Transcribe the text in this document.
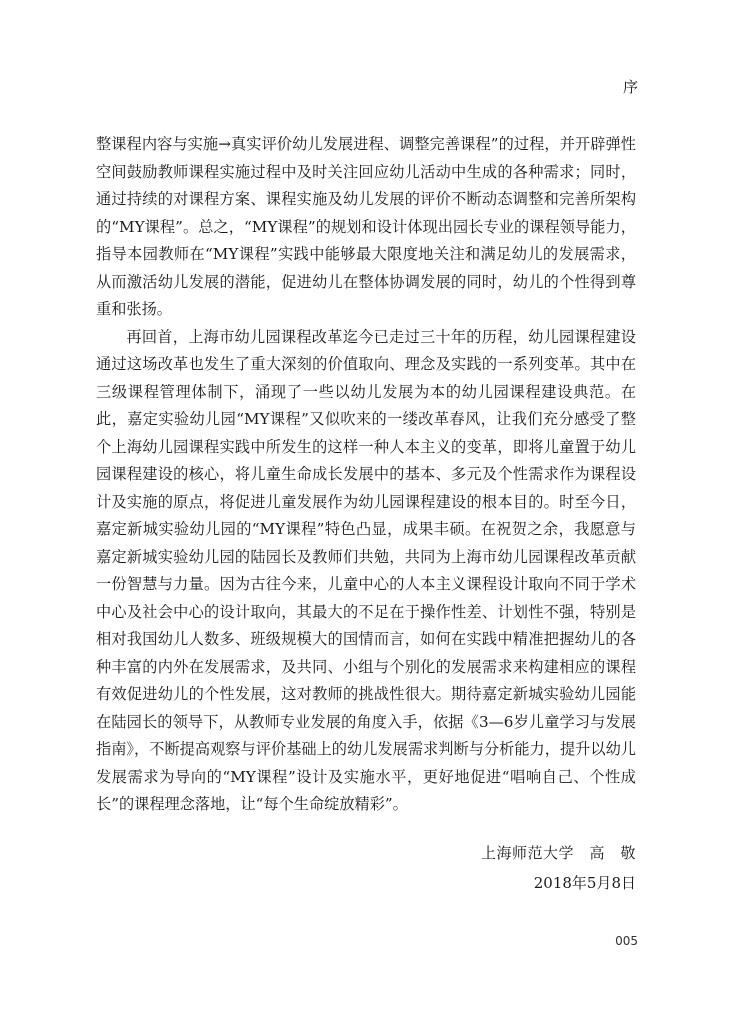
序

整课程内容与实施→真实评价幼儿发展进程、调整完善课程”的过程，并开辟弹性空间鼓励教师课程实施过程中及时关注回应幼儿活动中生成的各种需求；同时，通过持续的对课程方案、课程实施及幼儿发展的评价不断动态调整和完善所架构的“MY课程”。总之，“MY课程”的规划和设计体现出园长专业的课程领导能力，指导本园教师在“MY课程”实践中能够最大限度地关注和满足幼儿的发展需求，从而激活幼儿发展的潜能，促进幼儿在整体协调发展的同时，幼儿的个性得到尊重和张扬。

再回首，上海市幼儿园课程改革迄今已走过三十年的历程，幼儿园课程建设通过这场改革也发生了重大深刻的价值取向、理念及实践的一系列变革。其中在三级课程管理体制下，涌现了一些以幼儿发展为本的幼儿园课程建设典范。在此，嘉定实验幼儿园“MY课程”又似吹来的一缕改革春风，让我们充分感受了整个上海幼儿园课程实践中所发生的这样一种人本主义的变革，即将儿童置于幼儿园课程建设的核心，将儿童生命成长发展中的基本、多元及个性需求作为课程设计及实施的原点，将促进儿童发展作为幼儿园课程建设的根本目的。时至今日，嘉定新城实验幼儿园的“MY课程”特色凸显，成果丰硕。在祝贺之余，我愿意与嘉定新城实验幼儿园的陆园长及教师们共勉，共同为上海市幼儿园课程改革贡献一份智慧与力量。因为古往今来，儿童中心的人本主义课程设计取向不同于学术中心及社会中心的设计取向，其最大的不足在于操作性差、计划性不强，特别是相对我国幼儿人数多、班级规模大的国情而言，如何在实践中精准把握幼儿的各种丰富的内外在发展需求，及共同、小组与个别化的发展需求来构建相应的课程有效促进幼儿的个性发展，这对教师的挑战性很大。期待嘉定新城实验幼儿园能在陆园长的领导下，从教师专业发展的角度入手，依据《3—6岁儿童学习与发展指南》，不断提高观察与评价基础上的幼儿发展需求判断与分析能力，提升以幼儿发展需求为导向的“MY课程”设计及实施水平，更好地促进“唱响自己、个性成长”的课程理念落地，让“每个生命绽放精彩”。

上海师范大学　高　敬
2018年5月8日
005
